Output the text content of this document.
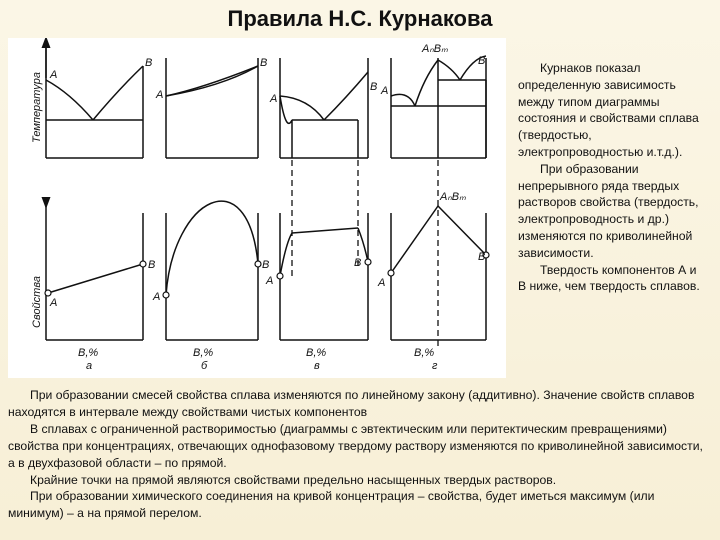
Правила Н.С. Курнакова
A
B
A
B
A
B A
B
AₙBₘ
A
B
A
B
A
B
A
B
AₙBₘ
Температура
Свойства
B,%
a
B,%
б
B,%
в
B,%
г

Курнаков показал определенную зависимость между типом диаграммы состояния и свойствами сплава (твердостью, электропроводностью и.т.д.).

При образовании непрерывного ряда твердых растворов свойства (твердость, электропроводность и др.) изменяются по криволинейной зависимости.

Твердость компонентов А и В ниже, чем твердость сплавов.

При образовании смесей свойства сплава изменяются по линейному закону (аддитивно). Значение свойств сплавов находятся в интервале между свойствами чистых компонентов

В сплавах с ограниченной растворимостью (диаграммы с эвтектическим или перитектическим превращениями) свойства при концентрациях, отвечающих однофазовому твердому раствору изменяются по криволинейной зависимости, а в двухфазовой области – по прямой.

Крайние точки на прямой являются свойствами предельно насыщенных твердых растворов.

При образовании химического соединения на кривой концентрация – свойства, будет иметься максимум (или минимум) – а на прямой перелом.
